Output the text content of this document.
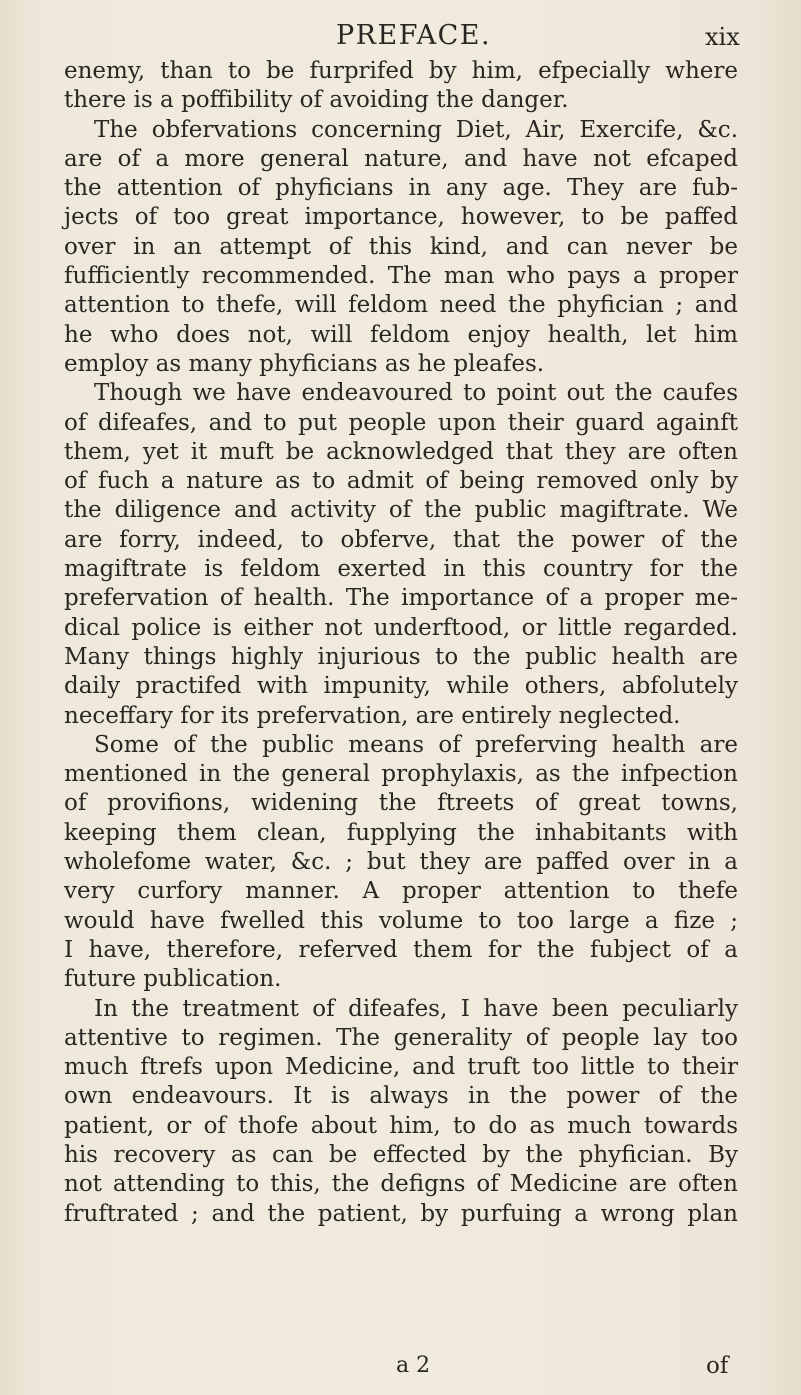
PREFACE.	xix
enemy, than to be furprifed by him, efpecially where
there is a poffibility of avoiding the danger.
The obfervations concerning Diet, Air, Exercife, &c.
are of a more general nature, and have not efcaped
the attention of phyficians in any age. They are fub-
jects of too great importance, however, to be paffed
over in an attempt of this kind, and can never be
fufficiently recommended. The man who pays a proper
attention to thefe, will feldom need the phyfician ; and
he who does not, will feldom enjoy health, let him
employ as many phyficians as he pleafes.
Though we have endeavoured to point out the caufes
of difeafes, and to put people upon their guard againft
them, yet it muft be acknowledged that they are often
of fuch a nature as to admit of being removed only by
the diligence and activity of the public magiftrate. We
are forry, indeed, to obferve, that the power of the
magiftrate is feldom exerted in this country for the
prefervation of health. The importance of a proper me-
dical police is either not underftood, or little regarded.
Many things highly injurious to the public health are
daily practifed with impunity, while others, abfolutely
neceffary for its prefervation, are entirely neglected.
Some of the public means of preferving health are
mentioned in the general prophylaxis, as the infpection
of provifions, widening the ftreets of great towns,
keeping them clean, fupplying the inhabitants with
wholefome water, &c. ; but they are paffed over in a
very curfory manner. A proper attention to thefe
would have fwelled this volume to too large a fize ;
I have, therefore, referved them for the fubject of a
future publication.
In the treatment of difeafes, I have been peculiarly
attentive to regimen. The generality of people lay too
much ftrefs upon Medicine, and truft too little to their
own endeavours. It is always in the power of the
patient, or of thofe about him, to do as much towards
his recovery as can be effected by the phyfician. By
not attending to this, the defigns of Medicine are often
fruftrated ; and the patient, by purfuing a wrong plan
a 2	of
